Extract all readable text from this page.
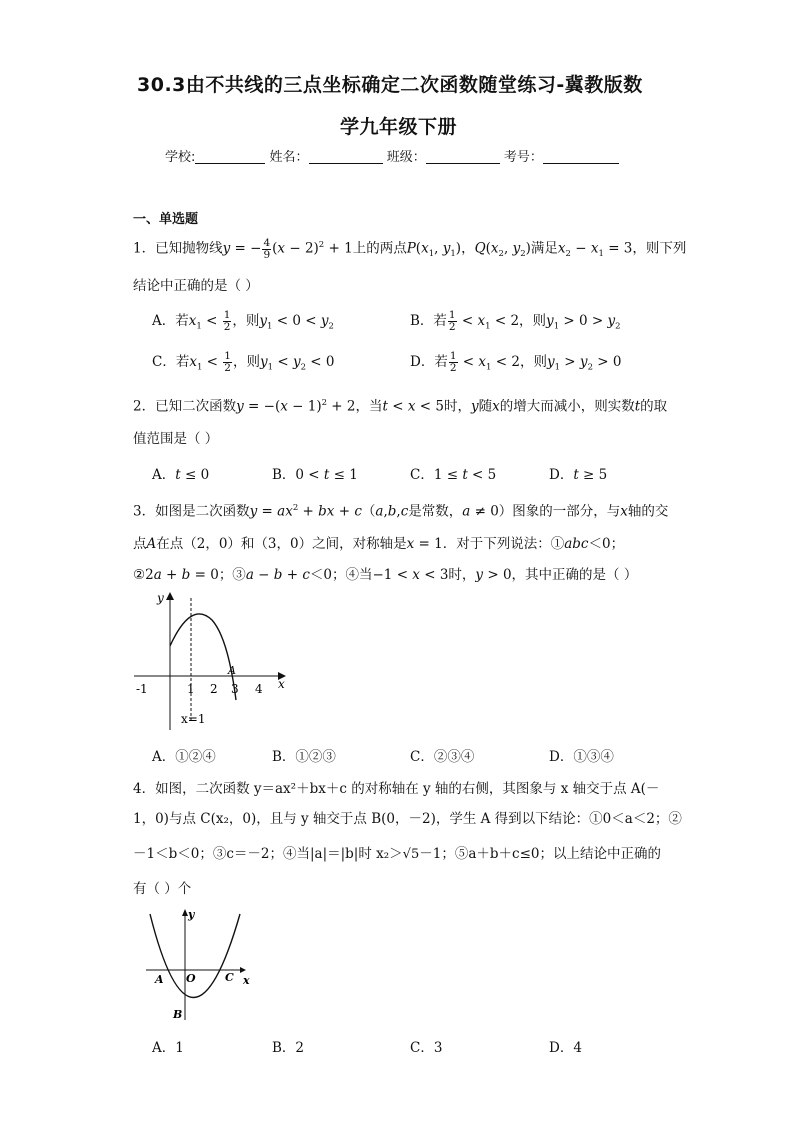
30.3由不共线的三点坐标确定二次函数随堂练习-冀教版数
学九年级下册
学校:	姓名：	班级：	考号：
一、单选题
1．已知抛物线y = − $\frac{4}{9} (x - 2)^2 + 1$上的两点$P(x_1$, $y_1$)，$Q(x_2$, $y_2$)满足$x_2 - x_1 = 3$，则下列
结论中正确的是（ ）
A．若$x_1 < \frac{1}{2}$ ，则$y_1 < 0 < y_2$	B．若 $\frac{1}{2} < x_1 < 2$，则$y_1 > 0 > y_2$
C．若$x_1 < \frac{1}{2}$ ，则$y_1 < y_2 < 0$	D．若 $\frac{1}{2} < x_1 < 2$，则$y_1 > y_2 > 0$
2．已知二次函数$y = -(x - 1)^2 + 2$，当t < x < 5时，y随x的增大而减小，则实数t的取
值范围是（ ）
A．t ≤ 0	B．0 < t ≤ 1	C．1 ≤ t < 5	D．t ≥ 5
3．如图是二次函数$y = ax^2$ + bx + c（a,b,c是常数，a ≠ 0）图象的一部分，与x轴的交
点A在点（2，0）和（3，0）之间，对称轴是x = 1．对于下列说法：①abc＜0；
②2a + b = 0；③a − b + c＜0；④当−1 < x < 3时，y > 0，其中正确的是（ ）
y
x
-1	1 2 3 4
A
x=1
A．①②④	B．①②③	C．②③④	D．①③④
4．如图，二次函数 y＝ax²＋bx＋c 的对称轴在 y 轴的右侧，其图象与 x 轴交于点 A(－
1，0)与点 C(x₂，0)，且与 y 轴交于点 B(0，－2)，学生 A 得到以下结论：①0＜a＜2；②
－1＜b＜0；③c＝－2；④当|a|＝|b|时 x₂＞√5－1；⑤a＋b＋c≤0；以上结论中正确的
有（ ）个
y
x
O
A	C
B
A．1	B．2	C．3	D．4
